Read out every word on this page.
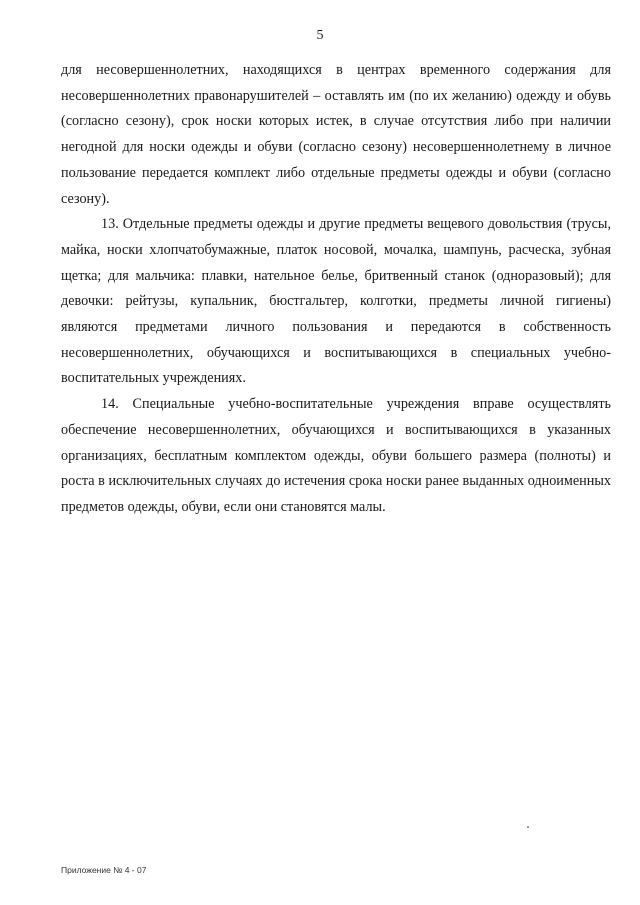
5

для несовершеннолетних, находящихся в центрах временного содержания для несовершеннолетних правонарушителей – оставлять им (по их желанию) одежду и обувь (согласно сезону), срок носки которых истек, в случае отсутствия либо при наличии негодной для носки одежды и обуви (согласно сезону) несовершеннолетнему в личное пользование передается комплект либо отдельные предметы одежды и обуви (согласно сезону).

13. Отдельные предметы одежды и другие предметы вещевого довольствия (трусы, майка, носки хлопчатобумажные, платок носовой, мочалка, шампунь, расческа, зубная щетка; для мальчика: плавки, нательное белье, бритвенный станок (одноразовый); для девочки: рейтузы, купальник, бюстгальтер, колготки, предметы личной гигиены) являются предметами личного пользования и передаются в собственность несовершеннолетних, обучающихся и воспитывающихся в специальных учебно-воспитательных учреждениях.

14. Специальные учебно-воспитательные учреждения вправе осуществлять обеспечение несовершеннолетних, обучающихся и воспитывающихся в указанных организациях, бесплатным комплектом одежды, обуви большего размера (полноты) и роста в исключительных случаях до истечения срока носки ранее выданных одноименных предметов одежды, обуви, если они становятся малы.

Приложение № 4 - 07
